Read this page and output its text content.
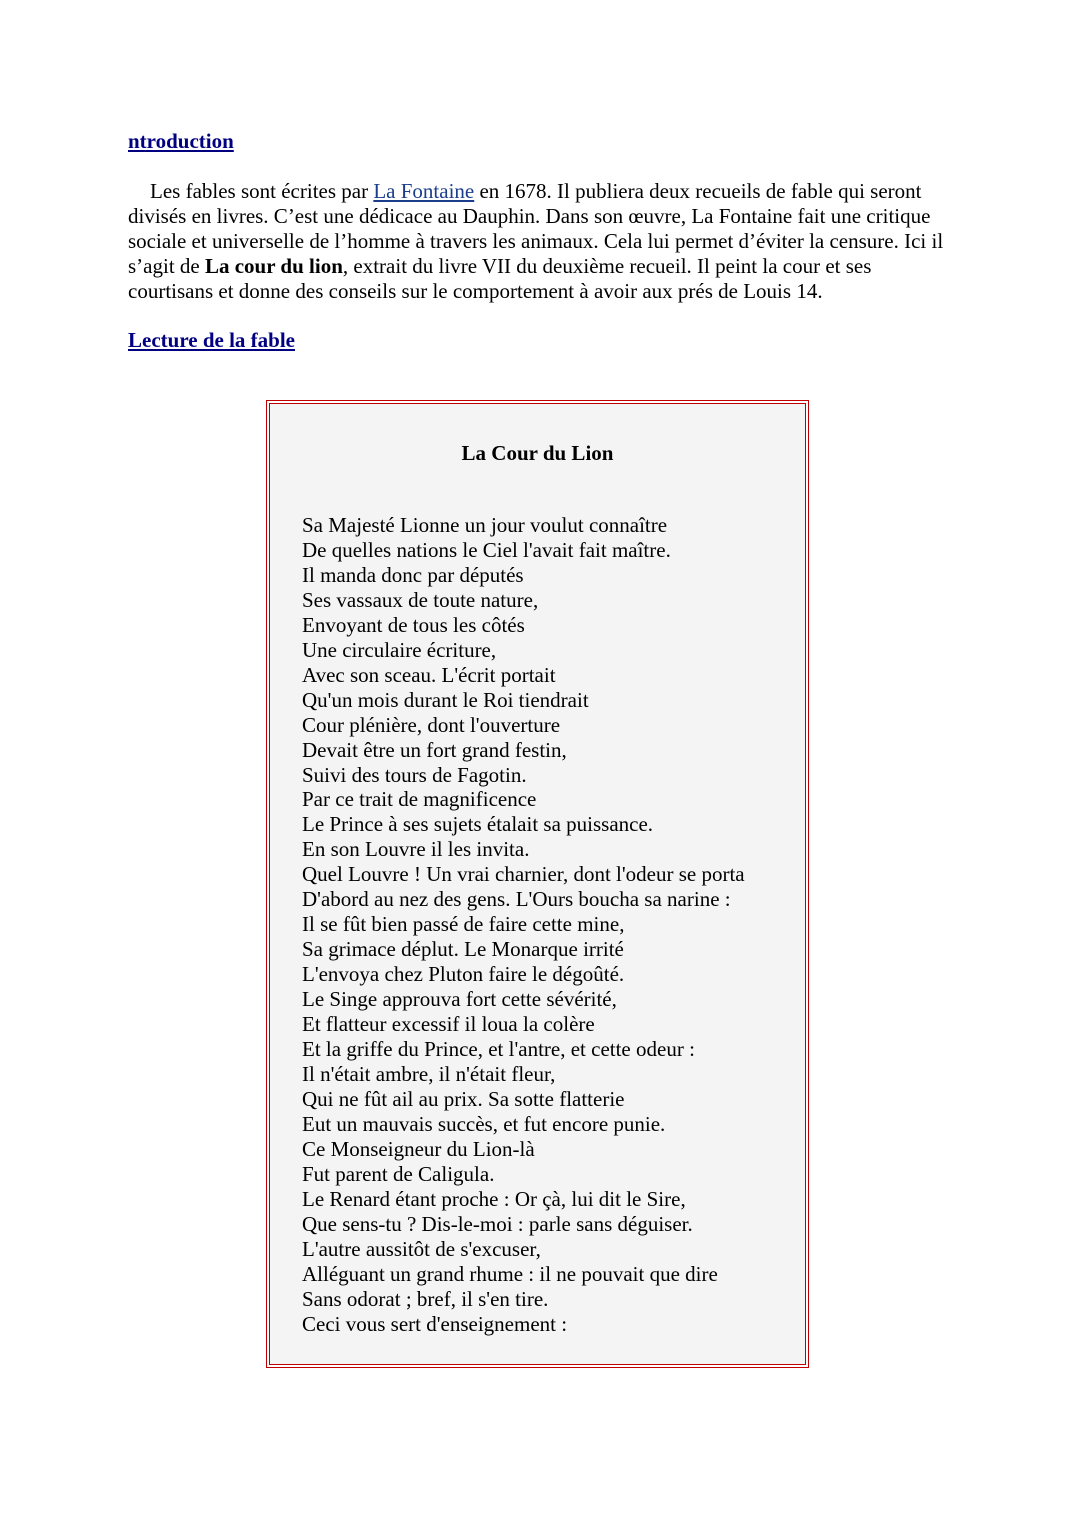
ntroduction

Les fables sont écrites par La Fontaine en 1678. Il publiera deux recueils de fable qui seront divisés en livres. C’est une dédicace au Dauphin. Dans son œuvre, La Fontaine fait une critique sociale et universelle de l’homme à travers les animaux. Cela lui permet d’éviter la censure. Ici il s’agit de La cour du lion, extrait du livre VII du deuxième recueil. Il peint la cour et ses courtisans et donne des conseils sur le comportement à avoir aux prés de Louis 14.

Lecture de la fable
La Cour du Lion
Sa Majesté Lionne un jour voulut connaître
De quelles nations le Ciel l'avait fait maître.
Il manda donc par députés
Ses vassaux de toute nature,
Envoyant de tous les côtés
Une circulaire écriture,
Avec son sceau. L'écrit portait
Qu'un mois durant le Roi tiendrait
Cour plénière, dont l'ouverture
Devait être un fort grand festin,
Suivi des tours de Fagotin.
Par ce trait de magnificence
Le Prince à ses sujets étalait sa puissance.
En son Louvre il les invita.
Quel Louvre ! Un vrai charnier, dont l'odeur se porta
D'abord au nez des gens. L'Ours boucha sa narine :
Il se fût bien passé de faire cette mine,
Sa grimace déplut. Le Monarque irrité
L'envoya chez Pluton faire le dégoûté.
Le Singe approuva fort cette sévérité,
Et flatteur excessif il loua la colère
Et la griffe du Prince, et l'antre, et cette odeur :
Il n'était ambre, il n'était fleur,
Qui ne fût ail au prix. Sa sotte flatterie
Eut un mauvais succès, et fut encore punie.
Ce Monseigneur du Lion-là
Fut parent de Caligula.
Le Renard étant proche : Or çà, lui dit le Sire,
Que sens-tu ? Dis-le-moi : parle sans déguiser.
L'autre aussitôt de s'excuser,
Alléguant un grand rhume : il ne pouvait que dire
Sans odorat ; bref, il s'en tire.
Ceci vous sert d'enseignement :
